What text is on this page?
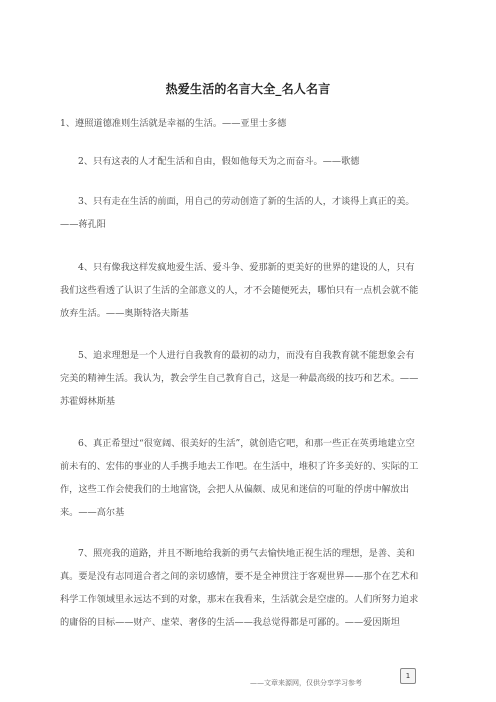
热爱生活的名言大全_名人名言

1、遵照道德准则生活就是幸福的生活。——亚里士多德

2、只有这表的人才配生活和自由，假如他每天为之而奋斗。——歌德

3、只有走在生活的前面，用自己的劳动创造了新的生活的人，才谈得上真正的美。——蒋孔阳

4、只有像我这样发疯地爱生活、爱斗争、爱那新的更美好的世界的建设的人，只有我们这些看透了认识了生活的全部意义的人，才不会随便死去，哪怕只有一点机会就不能放弃生活。——奥斯特洛夫斯基

5、追求理想是一个人进行自我教育的最初的动力，而没有自我教育就不能想象会有完美的精神生活。我认为，教会学生自己教育自己，这是一种最高级的技巧和艺术。——苏霍姆林斯基

6、真正希望过“很宽阔、很美好的生活”，就创造它吧，和那一些正在英勇地建立空前未有的、宏伟的事业的人手携手地去工作吧。在生活中，堆积了许多美好的、实际的工作，这些工作会使我们的土地富饶，会把人从偏颇、成见和迷信的可耻的俘虏中解放出来。——高尔基

7、照亮我的道路，并且不断地给我新的勇气去愉快地正视生活的理想，是善、美和真。要是没有志同道合者之间的亲切感情，要不是全神贯注于客观世界——那个在艺术和科学工作领域里永远达不到的对象，那末在我看来，生活就会是空虚的。人们所努力追求的庸俗的目标——财产、虚荣、奢侈的生活——我总觉得都是可鄙的。——爱因斯坦

1
——文章来源网，仅供分享学习参考
